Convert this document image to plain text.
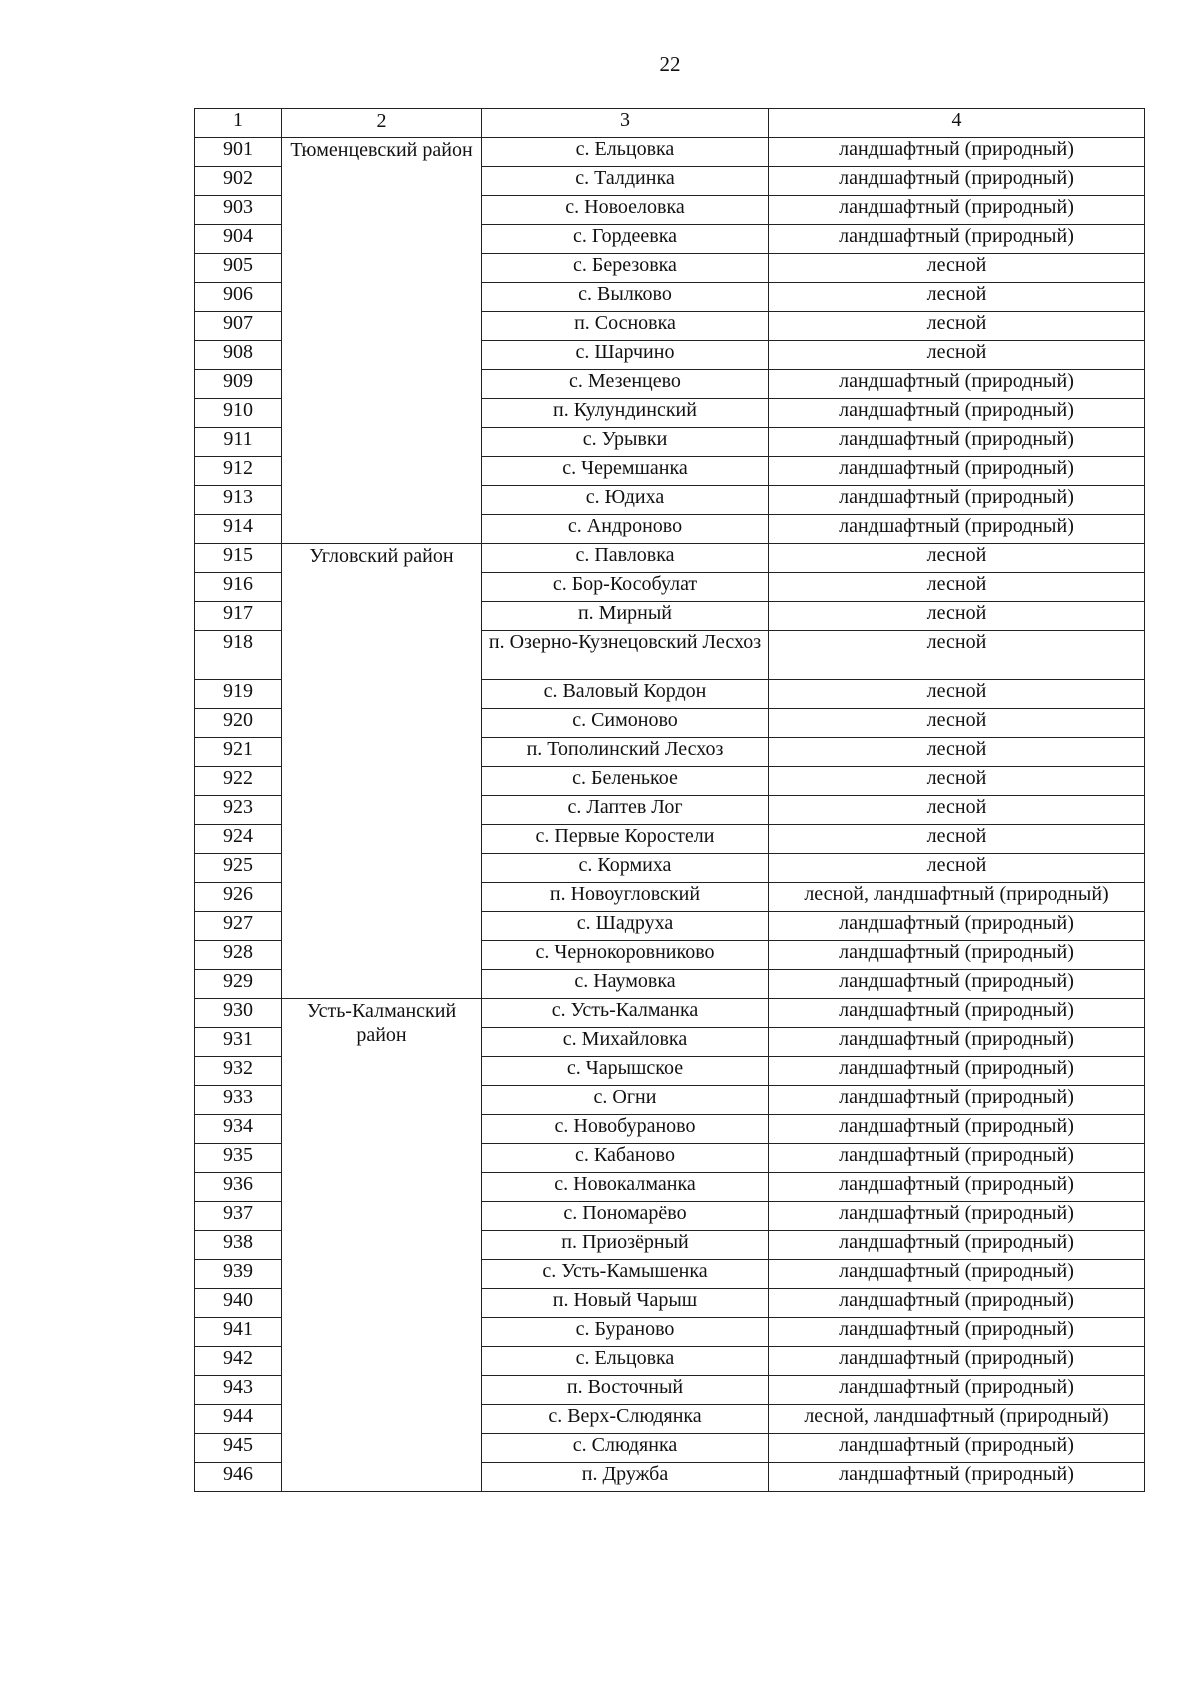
22
1	2	3	4
901	Тюменцевский район	с. Ельцовка	ландшафтный (природный)
902		с. Талдинка	ландшафтный (природный)
903		с. Новоеловка	ландшафтный (природный)
904		с. Гордеевка	ландшафтный (природный)
905		с. Березовка	лесной
906		с. Вылково	лесной
907		п. Сосновка	лесной
908		с. Шарчино	лесной
909		с. Мезенцево	ландшафтный (природный)
910		п. Кулундинский	ландшафтный (природный)
911		с. Урывки	ландшафтный (природный)
912		с. Черемшанка	ландшафтный (природный)
913		с. Юдиха	ландшафтный (природный)
914		с. Андроново	ландшафтный (природный)
915	Угловский район	с. Павловка	лесной
916		с. Бор-Кособулат	лесной
917		п. Мирный	лесной
918		п. Озерно-Кузнецовский Лесхоз	лесной
919		с. Валовый Кордон	лесной
920		с. Симоново	лесной
921		п. Тополинский Лесхоз	лесной
922		с. Беленькое	лесной
923		с. Лаптев Лог	лесной
924		с. Первые Коростели	лесной
925		с. Кормиха	лесной
926		п. Новоугловский	лесной, ландшафтный (природный)
927		с. Шадруха	ландшафтный (природный)
928		с. Чернокоровниково	ландшафтный (природный)
929		с. Наумовка	ландшафтный (природный)
930	Усть-Калманский район	с. Усть-Калманка	ландшафтный (природный)
931		с. Михайловка	ландшафтный (природный)
932		с. Чарышское	ландшафтный (природный)
933		с. Огни	ландшафтный (природный)
934		с. Новобураново	ландшафтный (природный)
935		с. Кабаново	ландшафтный (природный)
936		с. Новокалманка	ландшафтный (природный)
937		с. Пономарёво	ландшафтный (природный)
938		п. Приозёрный	ландшафтный (природный)
939		с. Усть-Камышенка	ландшафтный (природный)
940		п. Новый Чарыш	ландшафтный (природный)
941		с. Бураново	ландшафтный (природный)
942		с. Ельцовка	ландшафтный (природный)
943		п. Восточный	ландшафтный (природный)
944		с. Верх-Слюдянка	лесной, ландшафтный (природный)
945		с. Слюдянка	ландшафтный (природный)
946		п. Дружба	ландшафтный (природный)
